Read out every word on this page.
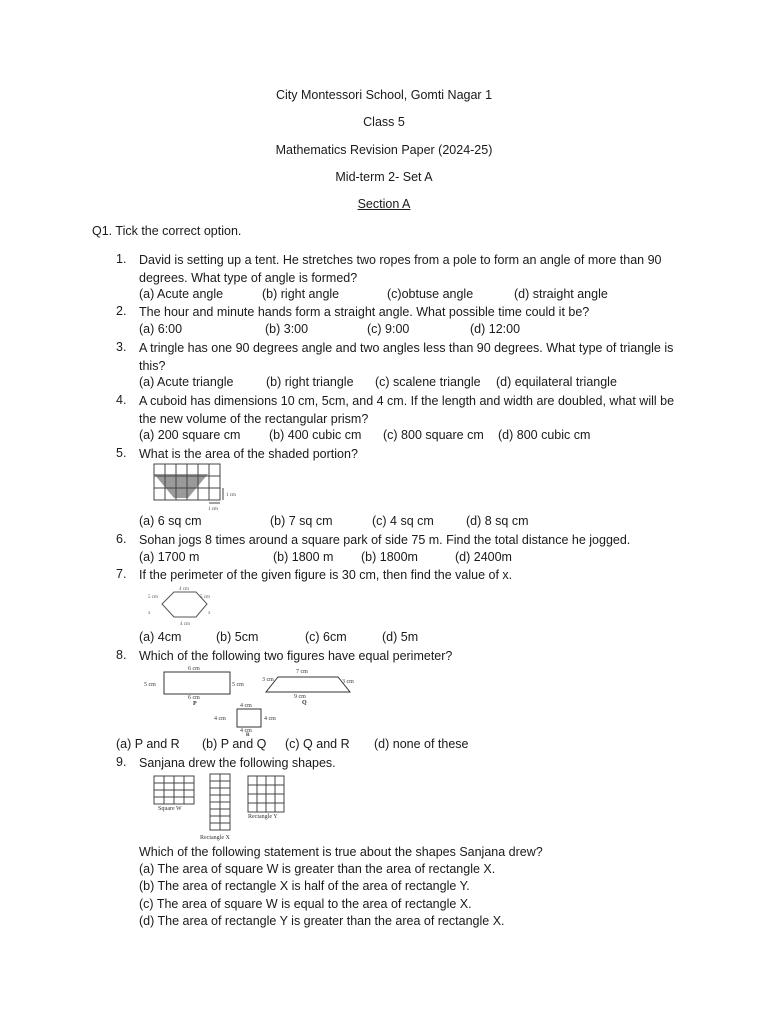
City Montessori School, Gomti Nagar 1
Class 5
Mathematics Revision Paper (2024-25)
Mid-term 2- Set A
Section A
Q1. Tick the correct option.
1. David is setting up a tent. He stretches two ropes from a pole to form an angle of more than 90 degrees. What type of angle is formed?
(a) Acute angle	(b) right angle	(c)obtuse angle	(d) straight angle
2. The hour and minute hands form a straight angle. What possible time could it be?
(a) 6:00	(b) 3:00	(c) 9:00	(d) 12:00
3. A tringle has one 90 degrees angle and two angles less than 90 degrees. What type of triangle is this?
(a) Acute triangle	(b) right triangle (c) scalene triangle (d) equilateral triangle
4. A cuboid has dimensions 10 cm, 5cm, and 4 cm. If the length and width are doubled, what will be the new volume of the rectangular prism?
(a) 200 square cm (b) 400 cubic cm (c) 800 square cm (d) 800 cubic cm
5. What is the area of the shaded portion?
1 cm
1 cm
(a) 6 sq cm	(b) 7 sq cm	(c) 4 sq cm	(d) 8 sq cm
6. Sohan jogs 8 times around a square park of side 75 m. Find the total distance he jogged.
(a) 1700 m	(b) 1800 m (b) 1800m	(d) 2400m
7. If the perimeter of the given figure is 30 cm, then find the value of x.
4 cm
5 cm	5 cm
x
4 cm
x
(a) 4cm	(b) 5cm	(c) 6cm	(d) 5m
8. Which of the following two figures have equal perimeter?
6 cm
5 cm	5 cm
6 cm
P
7 cm
3 cm	3 cm
9 cm
Q
4 cm
4 cm	4 cm
4 cm
R
(a) P and R (b) P and Q (c) Q and R (d) none of these
9. Sanjana drew the following shapes.
Square W
Rectangle X
Rectangle Y
Which of the following statement is true about the shapes Sanjana drew?
(a) The area of square W is greater than the area of rectangle X.
(b) The area of rectangle X is half of the area of rectangle Y.
(c) The area of square W is equal to the area of rectangle X.
(d) The area of rectangle Y is greater than the area of rectangle X.
